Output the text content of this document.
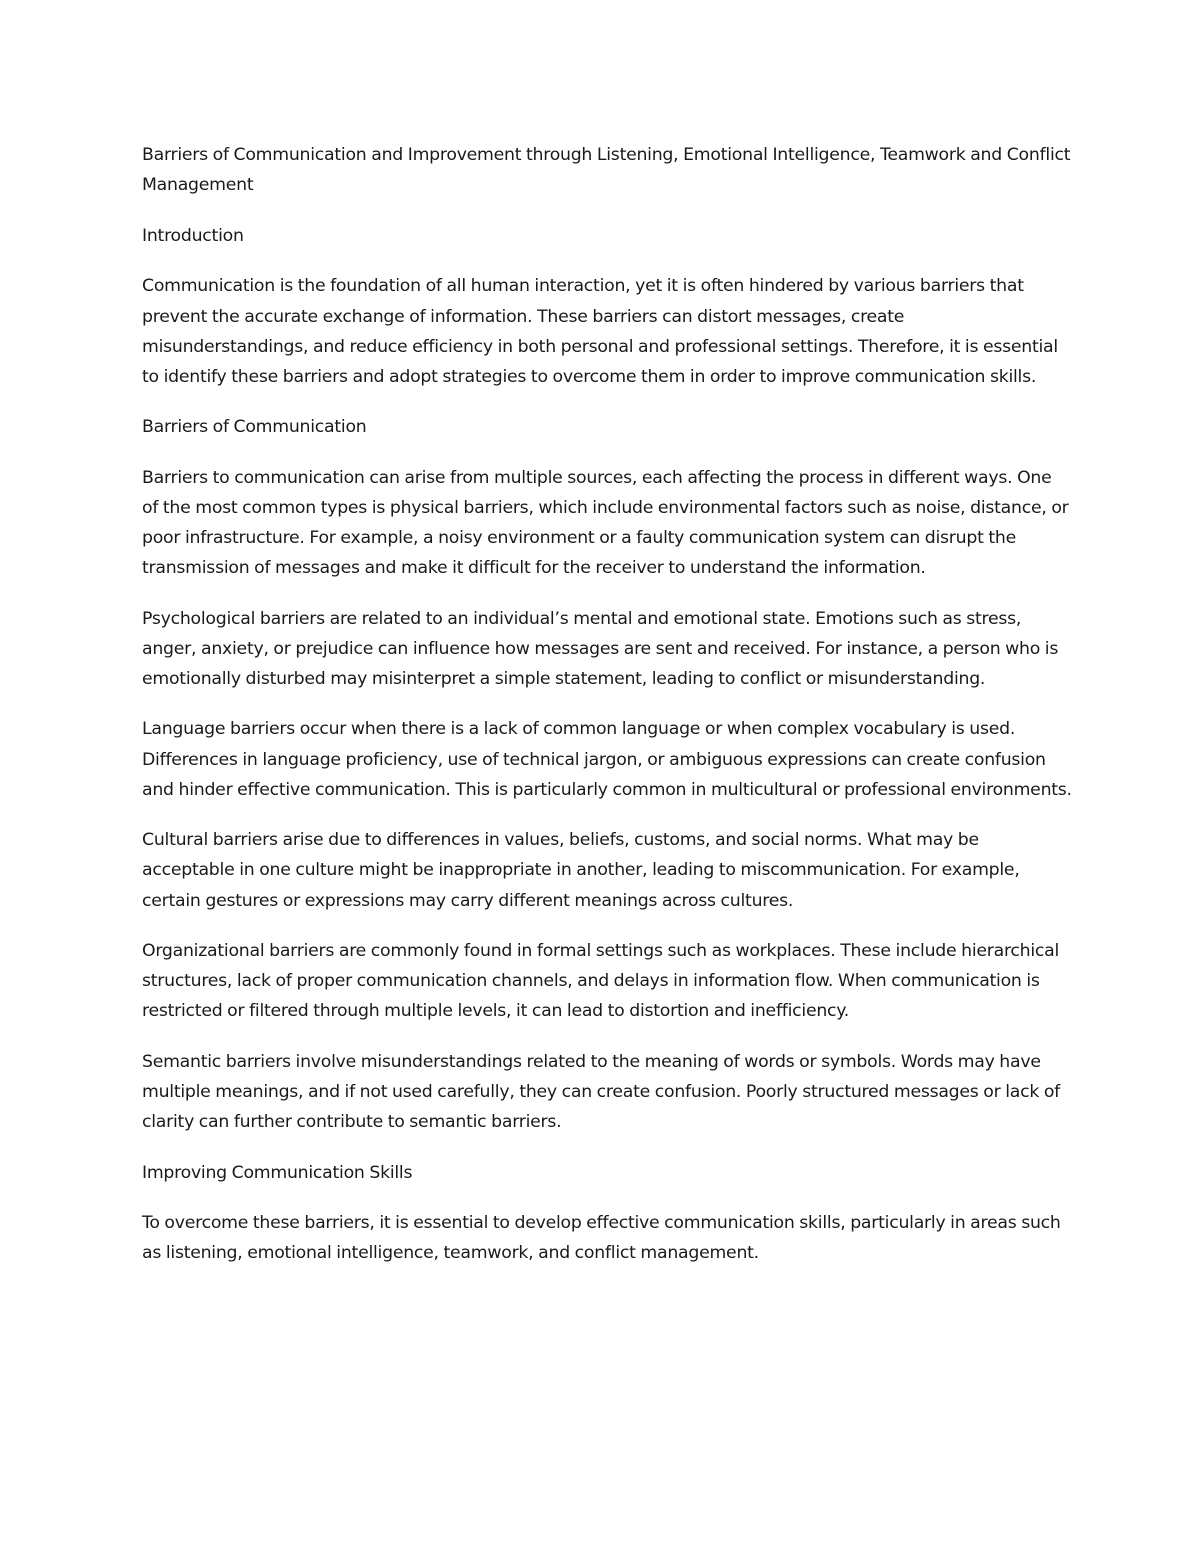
Barriers of Communication and Improvement through Listening, Emotional Intelligence, Teamwork and Conflict Management

Introduction

Communication is the foundation of all human interaction, yet it is often hindered by various barriers that prevent the accurate exchange of information. These barriers can distort messages, create misunderstandings, and reduce efficiency in both personal and professional settings. Therefore, it is essential to identify these barriers and adopt strategies to overcome them in order to improve communication skills.

Barriers of Communication

Barriers to communication can arise from multiple sources, each affecting the process in different ways. One of the most common types is physical barriers, which include environmental factors such as noise, distance, or poor infrastructure. For example, a noisy environment or a faulty communication system can disrupt the transmission of messages and make it difficult for the receiver to understand the information.

Psychological barriers are related to an individual’s mental and emotional state. Emotions such as stress, anger, anxiety, or prejudice can influence how messages are sent and received. For instance, a person who is emotionally disturbed may misinterpret a simple statement, leading to conflict or misunderstanding.

Language barriers occur when there is a lack of common language or when complex vocabulary is used. Differences in language proficiency, use of technical jargon, or ambiguous expressions can create confusion and hinder effective communication. This is particularly common in multicultural or professional environments.

Cultural barriers arise due to differences in values, beliefs, customs, and social norms. What may be acceptable in one culture might be inappropriate in another, leading to miscommunication. For example, certain gestures or expressions may carry different meanings across cultures.

Organizational barriers are commonly found in formal settings such as workplaces. These include hierarchical structures, lack of proper communication channels, and delays in information flow. When communication is restricted or filtered through multiple levels, it can lead to distortion and inefficiency.

Semantic barriers involve misunderstandings related to the meaning of words or symbols. Words may have multiple meanings, and if not used carefully, they can create confusion. Poorly structured messages or lack of clarity can further contribute to semantic barriers.

Improving Communication Skills

To overcome these barriers, it is essential to develop effective communication skills, particularly in areas such as listening, emotional intelligence, teamwork, and conflict management.
